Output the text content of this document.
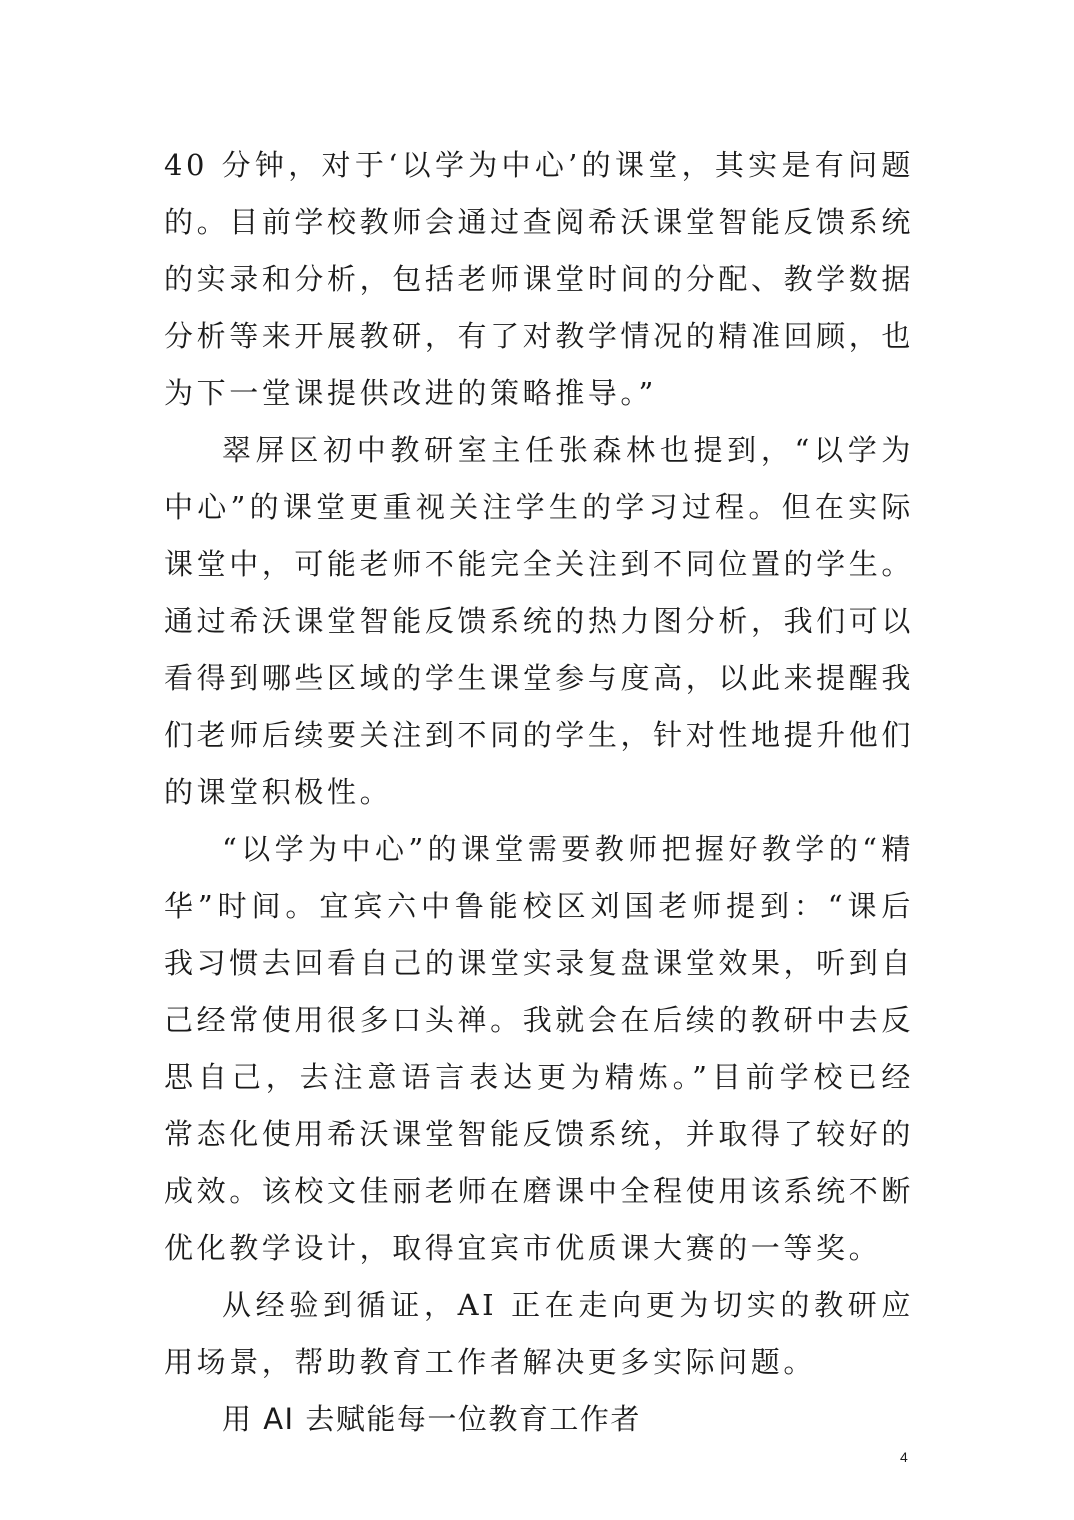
40 分钟，对于‘以学为中心’的课堂，其实是有问题的。目前学校教师会通过查阅希沃课堂智能反馈系统的实录和分析，包括老师课堂时间的分配、教学数据分析等来开展教研，有了对教学情况的精准回顾，也为下一堂课提供改进的策略推导。”

翠屏区初中教研室主任张森林也提到，“以学为中心”的课堂更重视关注学生的学习过程。但在实际课堂中，可能老师不能完全关注到不同位置的学生。通过希沃课堂智能反馈系统的热力图分析，我们可以看得到哪些区域的学生课堂参与度高，以此来提醒我们老师后续要关注到不同的学生，针对性地提升他们的课堂积极性。

“以学为中心”的课堂需要教师把握好教学的“精华”时间。宜宾六中鲁能校区刘国老师提到：“课后我习惯去回看自己的课堂实录复盘课堂效果，听到自己经常使用很多口头禅。我就会在后续的教研中去反思自己，去注意语言表达更为精炼。”目前学校已经常态化使用希沃课堂智能反馈系统，并取得了较好的成效。该校文佳丽老师在磨课中全程使用该系统不断优化教学设计，取得宜宾市优质课大赛的一等奖。

从经验到循证，AI 正在走向更为切实的教研应用场景，帮助教育工作者解决更多实际问题。

用 AI 去赋能每一位教育工作者
4
